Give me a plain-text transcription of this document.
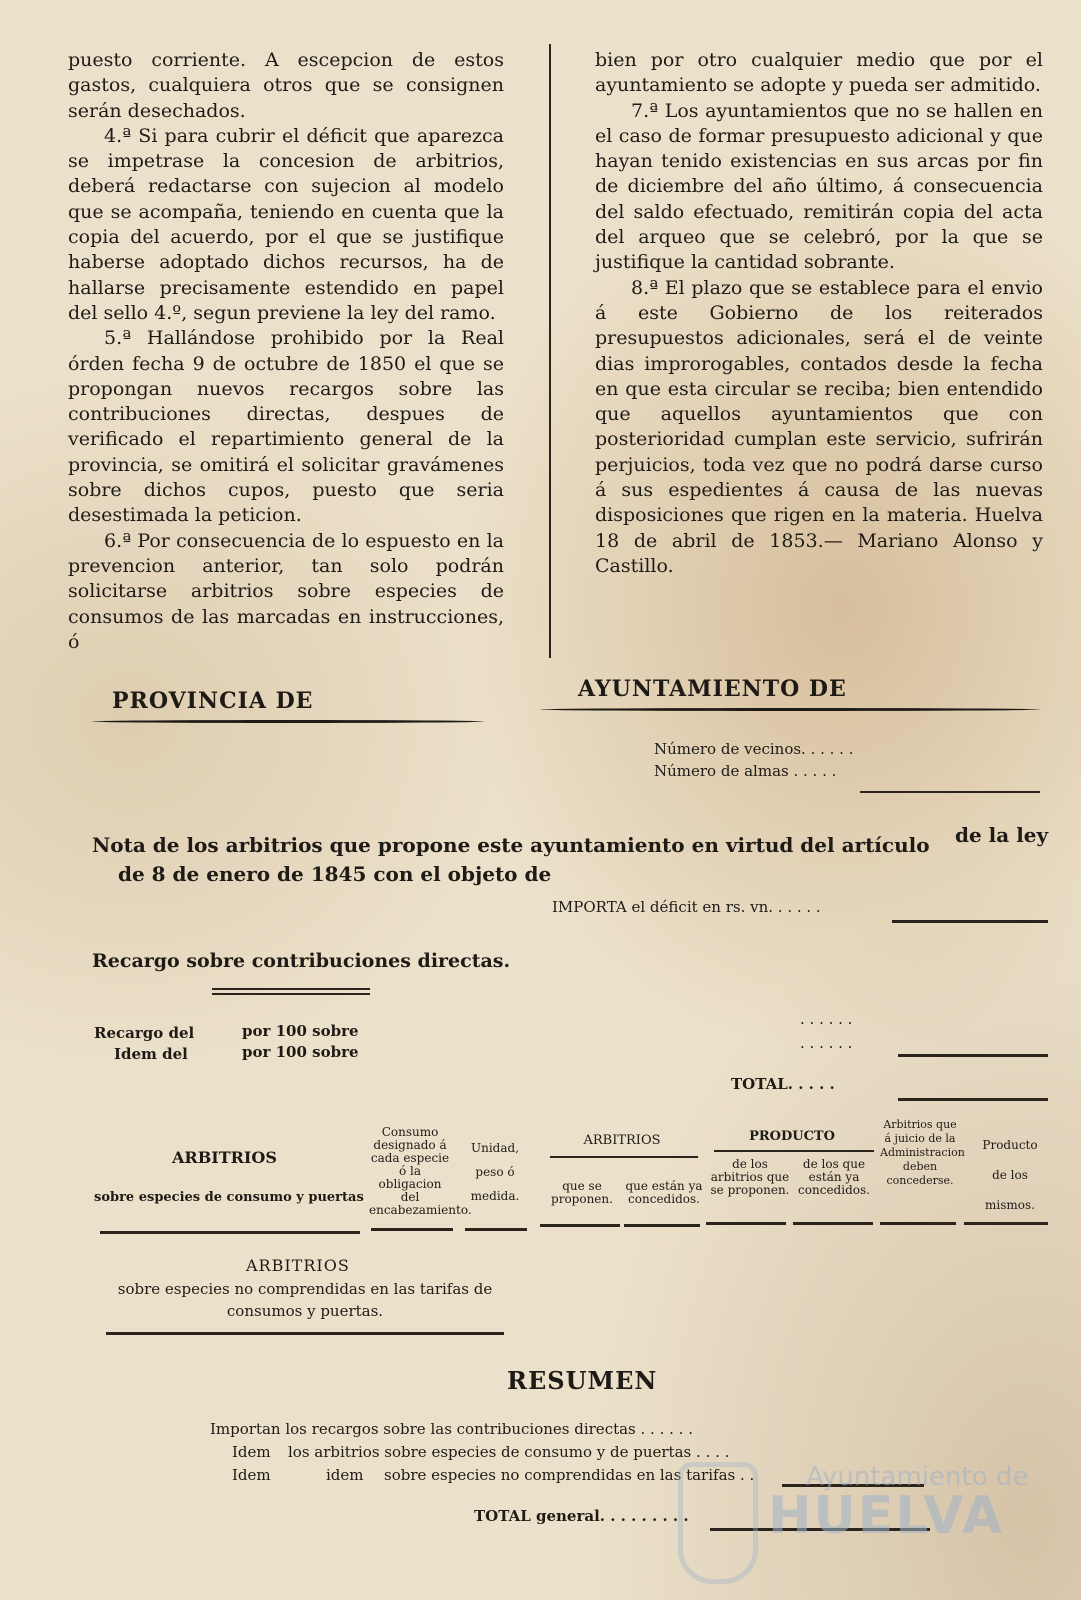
puesto corriente. A escepcion de estos gastos, cualquiera otros que se consignen serán desechados.

4.ª Si para cubrir el déficit que aparezca se impetrase la concesion de arbitrios, deberá redactarse con sujecion al modelo que se acompaña, teniendo en cuenta que la copia del acuerdo, por el que se justifique haberse adoptado dichos recursos, ha de hallarse precisamente estendido en papel del sello 4.º, segun previene la ley del ramo.

5.ª Hallándose prohibido por la Real órden fecha 9 de octubre de 1850 el que se propongan nuevos recargos sobre las contribuciones directas, despues de verificado el repartimiento general de la provincia, se omitirá el solicitar gravámenes sobre dichos cupos, puesto que seria desestimada la peticion.

6.ª Por consecuencia de lo espuesto en la prevencion anterior, tan solo podrán solicitarse arbitrios sobre especies de consumos de las marcadas en instrucciones, ó

bien por otro cualquier medio que por el ayuntamiento se adopte y pueda ser admitido.

7.ª Los ayuntamientos que no se hallen en el caso de formar presupuesto adicional y que hayan tenido existencias en sus arcas por fin de diciembre del año último, á consecuencia del saldo efectuado, remitirán copia del acta del arqueo que se celebró, por la que se justifique la cantidad sobrante.

8.ª El plazo que se establece para el envio á este Gobierno de los reiterados presupuestos adicionales, será el de veinte dias improrogables, contados desde la fecha en que esta circular se reciba; bien entendido que aquellos ayuntamientos que con posterioridad cumplan este servicio, sufrirán perjuicios, toda vez que no podrá darse curso á sus espedientes á causa de las nuevas disposiciones que rigen en la materia. Huelva 18 de abril de 1853.— Mariano Alonso y Castillo.

PROVINCIA DE	AYUNTAMIENTO DE
Número de vecinos. . . . . .
Número de almas . . . . .
Nota de los arbitrios que propone este ayuntamiento en virtud del artículo de la ley
de 8 de enero de 1845 con el objeto de
IMPORTA el déficit en rs. vn. . . . . .
Recargo sobre contribuciones directas.
Recargo del
Idem del
por 100 sobre
por 100 sobre
. . . . . .
. . . . . .
TOTAL. . . . .
ARBITRIOS
sobre especies de consumo y puertas
Consumo designado á cada especie ó la obligacion del encabezamiento.
Unidad, peso ó medida.
ARBITRIOS
que se proponen.
que están ya concedidos.
PRODUCTO
de los arbitrios que se proponen.
de los que están ya concedidos.
Arbitrios que á juicio de la Administracion deben concederse.
Producto de los mismos.
ARBITRIOS
sobre especies no comprendidas en las tarifas de consumos y puertas.
RESUMEN
Importan los recargos sobre las contribuciones directas . . . . . .
Idem los arbitrios sobre especies de consumo y de puertas . . . .
Idem	idem sobre especies no comprendidas en las tarifas . .
TOTAL general. . . . . . . . .
Ayuntamiento de
HUELVA
